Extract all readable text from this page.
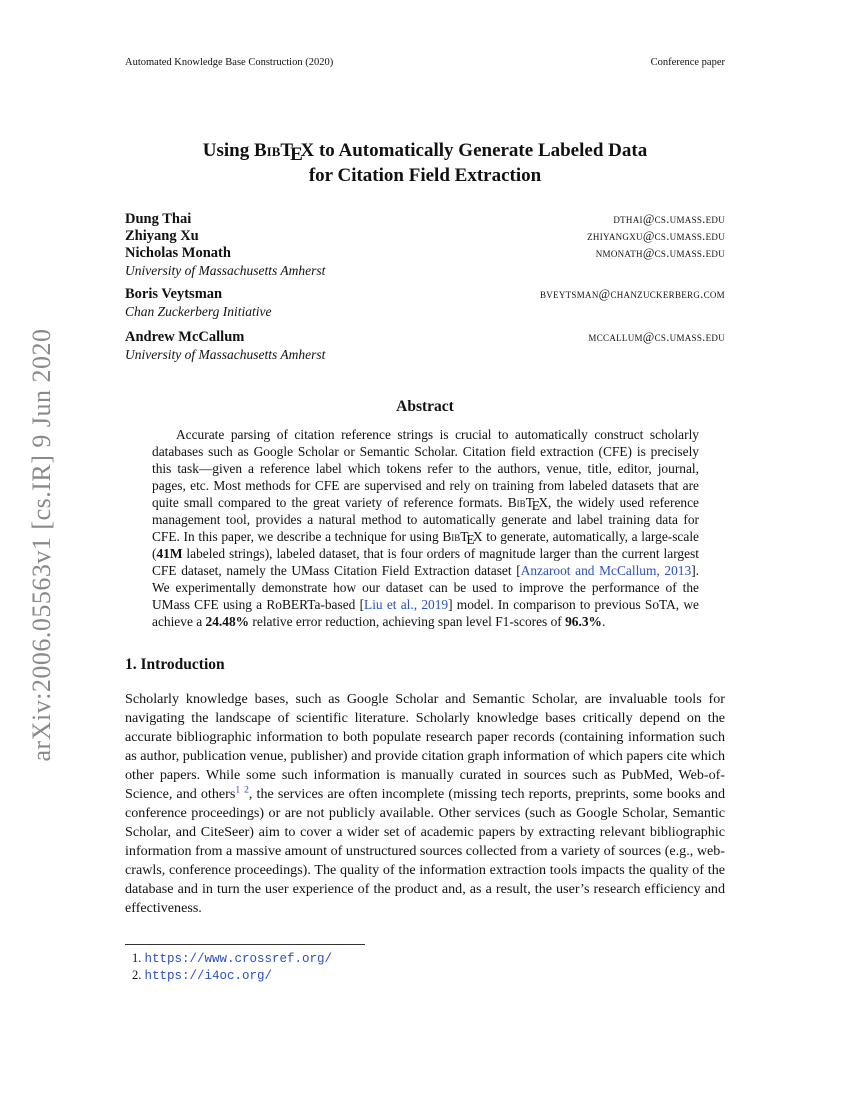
Automated Knowledge Base Construction (2020)	Conference paper
arXiv:2006.05563v1 [cs.IR] 9 Jun 2020
Using BibTEX to Automatically Generate Labeled Data
for Citation Field Extraction
Dung Thai	dthai@cs.umass.edu
Zhiyang Xu	zhiyangxu@cs.umass.edu
Nicholas Monath	nmonath@cs.umass.edu
University of Massachusetts Amherst
Boris Veytsman	bveytsman@chanzuckerberg.com
Chan Zuckerberg Initiative
Andrew McCallum	mccallum@cs.umass.edu
University of Massachusetts Amherst
Abstract
Accurate parsing of citation reference strings is crucial to automatically construct scholarly databases such as Google Scholar or Semantic Scholar. Citation field extraction (CFE) is precisely this task—given a reference label which tokens refer to the authors, venue, title, editor, journal, pages, etc. Most methods for CFE are supervised and rely on training from labeled datasets that are quite small compared to the great variety of reference formats. BibTEX, the widely used reference management tool, provides a natural method to automatically generate and label training data for CFE. In this paper, we describe a technique for using BibTEX to generate, automatically, a large-scale (41M labeled strings), labeled dataset, that is four orders of magnitude larger than the current largest CFE dataset, namely the UMass Citation Field Extraction dataset [Anzaroot and McCallum, 2013]. We experimentally demonstrate how our dataset can be used to improve the performance of the UMass CFE using a RoBERTa-based [Liu et al., 2019] model. In comparison to previous SoTA, we achieve a 24.48% relative error reduction, achieving span level F1-scores of 96.3%.
1. Introduction
Scholarly knowledge bases, such as Google Scholar and Semantic Scholar, are invaluable tools for navigating the landscape of scientific literature. Scholarly knowledge bases critically depend on the accurate bibliographic information to both populate research paper records (containing information such as author, publication venue, publisher) and provide citation graph information of which papers cite which other papers. While some such information is manually curated in sources such as PubMed, Web-of-Science, and others$^1$ $^2$, the services are often incomplete (missing tech reports, preprints, some books and conference proceedings) or are not publicly available. Other services (such as Google Scholar, Semantic Scholar, and CiteSeer) aim to cover a wider set of academic papers by extracting relevant bibliographic information from a massive amount of unstructured sources collected from a variety of sources (e.g., web-crawls, conference proceedings). The quality of the information extraction tools impacts the quality of the database and in turn the user experience of the product and, as a result, the user’s research efficiency and effectiveness.
1. https://www.crossref.org/
2. https://i4oc.org/
